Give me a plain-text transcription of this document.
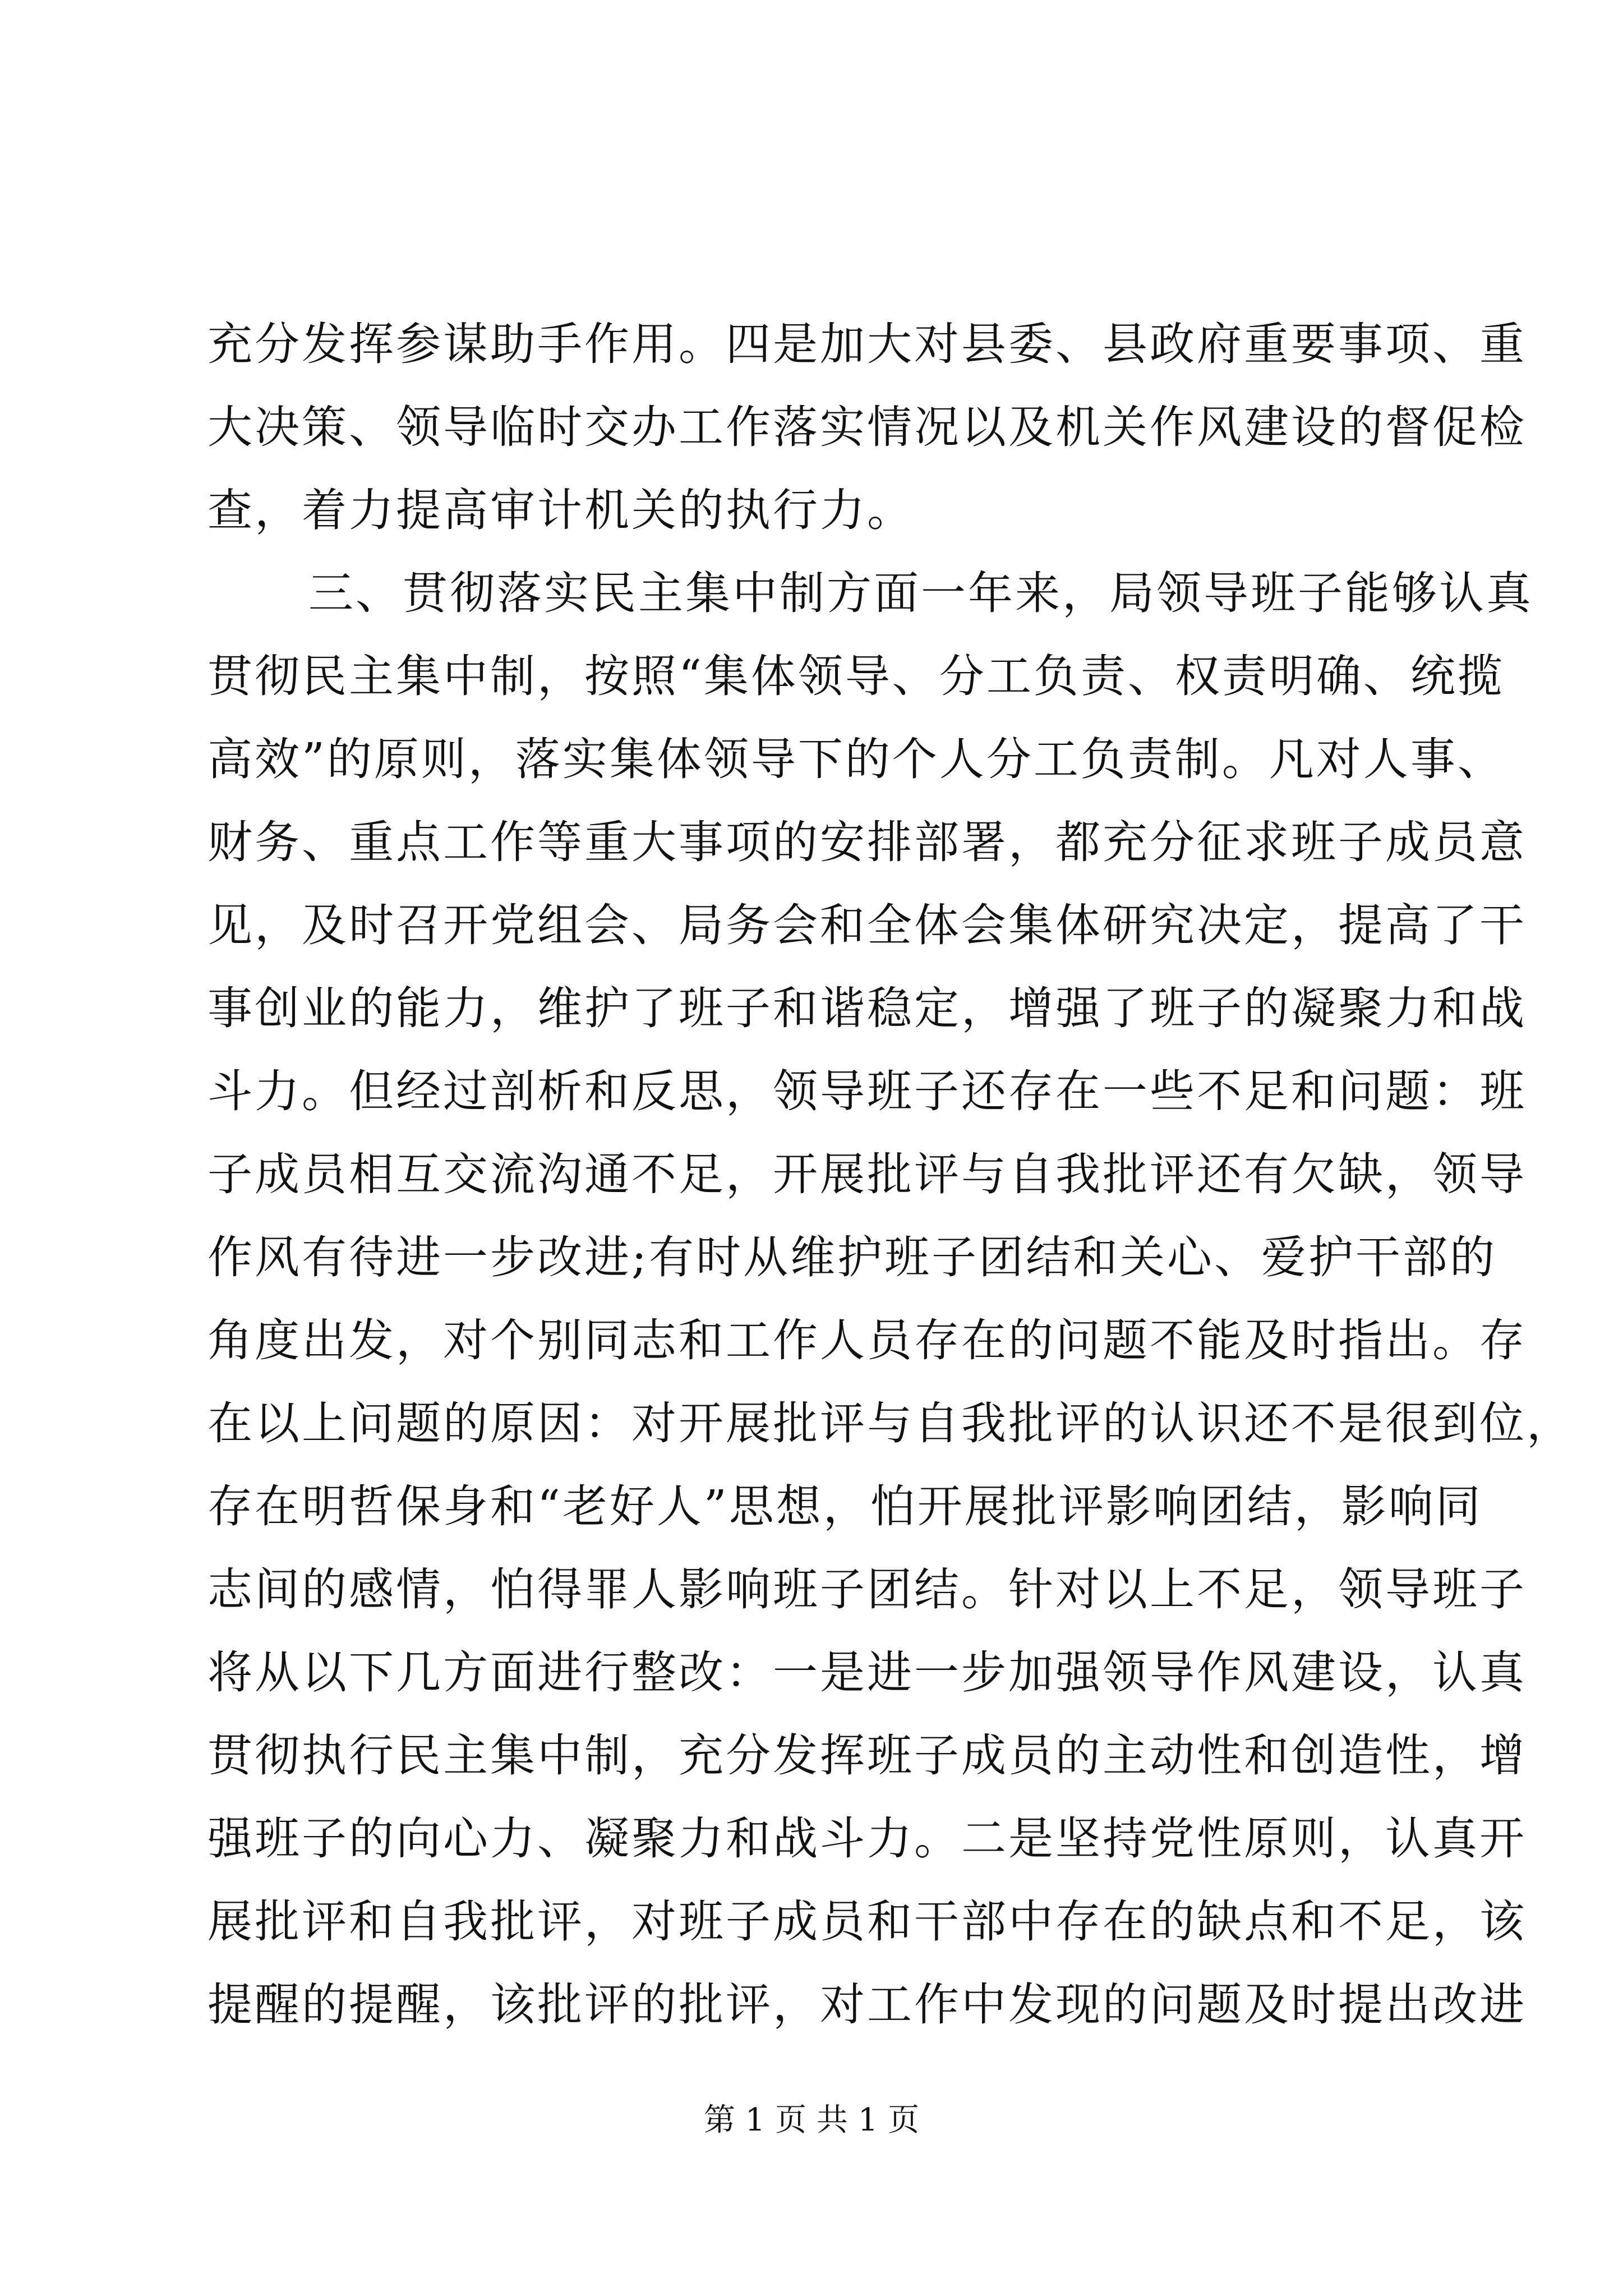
充分发挥参谋助手作用。四是加大对县委、县政府重要事项、重
大决策、领导临时交办工作落实情况以及机关作风建设的督促检
查，着力提高审计机关的执行力。
三、贯彻落实民主集中制方面一年来，局领导班子能够认真
贯彻民主集中制，按照“集体领导、分工负责、权责明确、统揽
高效”的原则，落实集体领导下的个人分工负责制。凡对人事、
财务、重点工作等重大事项的安排部署，都充分征求班子成员意
见，及时召开党组会、局务会和全体会集体研究决定，提高了干
事创业的能力，维护了班子和谐稳定，增强了班子的凝聚力和战
斗力。但经过剖析和反思，领导班子还存在一些不足和问题：班
子成员相互交流沟通不足，开展批评与自我批评还有欠缺，领导
作风有待进一步改进;有时从维护班子团结和关心、爱护干部的
角度出发，对个别同志和工作人员存在的问题不能及时指出。存
在以上问题的原因：对开展批评与自我批评的认识还不是很到位，
存在明哲保身和“老好人”思想，怕开展批评影响团结，影响同
志间的感情，怕得罪人影响班子团结。针对以上不足，领导班子
将从以下几方面进行整改：一是进一步加强领导作风建设，认真
贯彻执行民主集中制，充分发挥班子成员的主动性和创造性，增
强班子的向心力、凝聚力和战斗力。二是坚持党性原则，认真开
展批评和自我批评，对班子成员和干部中存在的缺点和不足，该
提醒的提醒，该批评的批评，对工作中发现的问题及时提出改进
第 1 页 共 1 页
